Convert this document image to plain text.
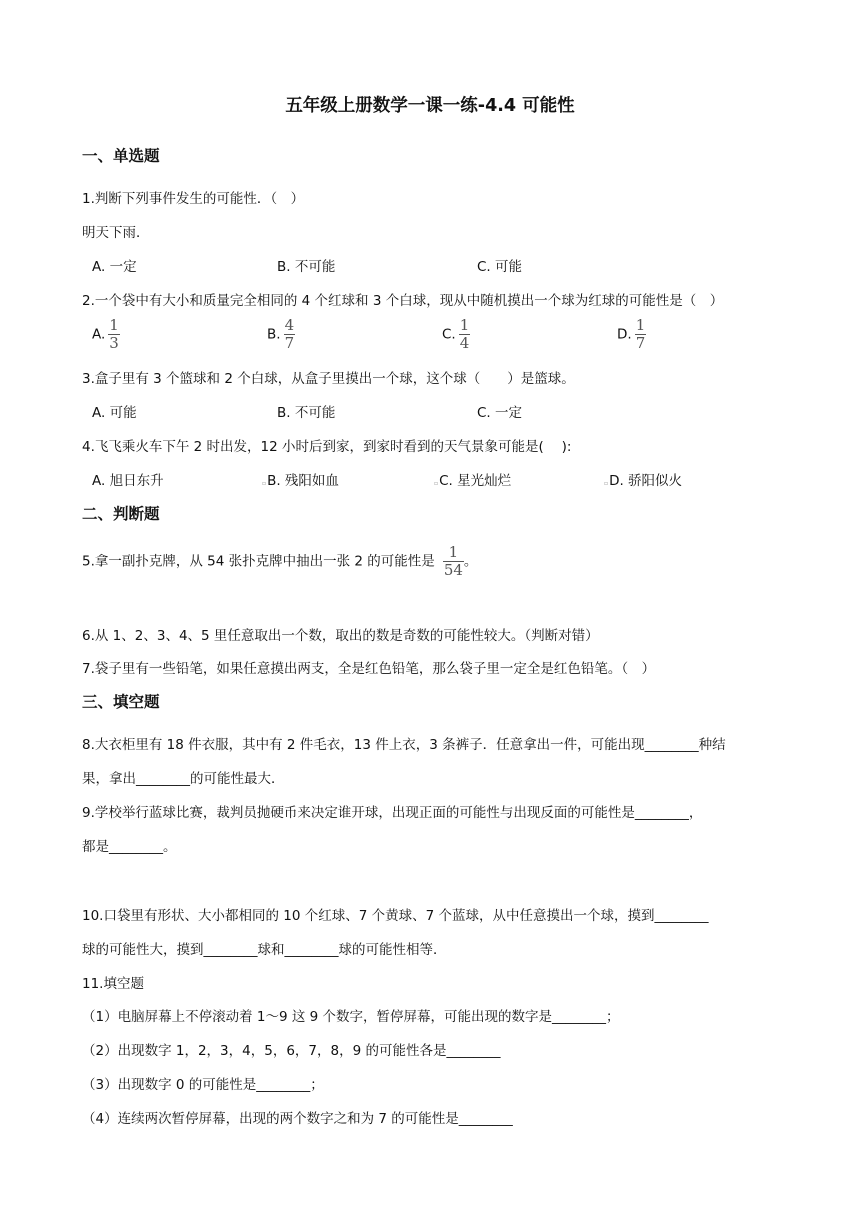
五年级上册数学一课一练-4.4 可能性
一、单选题
1.判断下列事件发生的可能性．（　）
明天下雨．
A. 一定	B. 不可能	C. 可能
2.一个袋中有大小和质量完全相同的 4 个红球和 3 个白球，现从中随机摸出一个球为红球的可能性是（　）
A. $\frac{1}{3}$	B. $\frac{4}{7}$	C. $\frac{1}{4}$	D. $\frac{1}{7}$
3.盒子里有 3 个篮球和 2 个白球，从盒子里摸出一个球，这个球（　　）是篮球。
A. 可能	B. 不可能	C. 一定
4.飞飞乘火车下午 2 时出发，12 小时后到家，到家时看到的天气景象可能是(　 ):
A. 旭日东升	▫B. 残阳如血	▫C. 星光灿烂	▫D. 骄阳似火
二、判断题
5.拿一副扑克牌，从 54 张扑克牌中抽出一张 2 的可能性是 $\frac{1}{54}$ 。
6.从 1、2、3、4、5 里任意取出一个数，取出的数是奇数的可能性较大。（判断对错）
7.袋子里有一些铅笔，如果任意摸出两支，全是红色铅笔，那么袋子里一定全是红色铅笔。（　）
三、填空题
8.大衣柜里有 18 件衣服，其中有 2 件毛衣，13 件上衣，3 条裤子．任意拿出一件，可能出现________种结
果，拿出________的可能性最大．
9.学校举行蓝球比赛，裁判员抛硬币来决定谁开球，出现正面的可能性与出现反面的可能性是________，
都是________。
10.口袋里有形状、大小都相同的 10 个红球、7 个黄球、7 个蓝球，从中任意摸出一个球，摸到________
球的可能性大，摸到________球和________球的可能性相等．
11.填空题
（1）电脑屏幕上不停滚动着 1～9 这 9 个数字，暂停屏幕，可能出现的数字是________；
（2）出现数字 1，2，3，4，5，6，7，8，9 的可能性各是________
（3）出现数字 0 的可能性是________；
（4）连续两次暂停屏幕，出现的两个数字之和为 7 的可能性是________
